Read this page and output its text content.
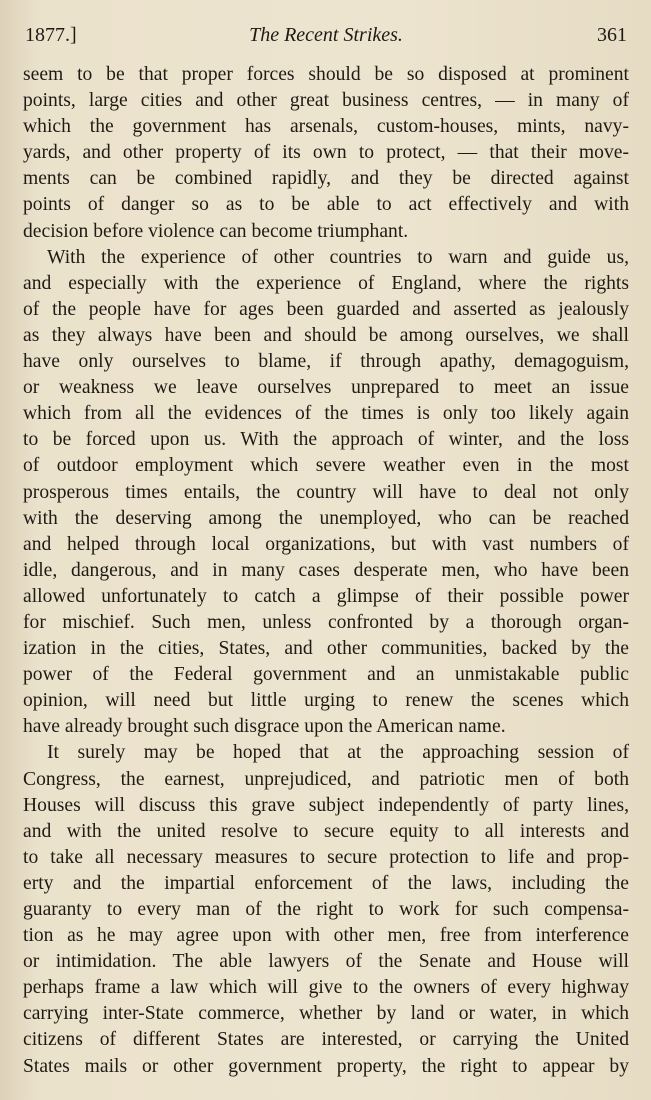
1877.]	The Recent Strikes.	361
seem to be that proper forces should be so disposed at prominent
points, large cities and other great business centres, — in many of
which the government has arsenals, custom-houses, mints, navy-
yards, and other property of its own to protect, — that their move-
ments can be combined rapidly, and they be directed against
points of danger so as to be able to act effectively and with
decision before violence can become triumphant.
With the experience of other countries to warn and guide us,
and especially with the experience of England, where the rights
of the people have for ages been guarded and asserted as jealously
as they always have been and should be among ourselves, we shall
have only ourselves to blame, if through apathy, demagoguism,
or weakness we leave ourselves unprepared to meet an issue
which from all the evidences of the times is only too likely again
to be forced upon us. With the approach of winter, and the loss
of outdoor employment which severe weather even in the most
prosperous times entails, the country will have to deal not only
with the deserving among the unemployed, who can be reached
and helped through local organizations, but with vast numbers of
idle, dangerous, and in many cases desperate men, who have been
allowed unfortunately to catch a glimpse of their possible power
for mischief. Such men, unless confronted by a thorough organ-
ization in the cities, States, and other communities, backed by the
power of the Federal government and an unmistakable public
opinion, will need but little urging to renew the scenes which
have already brought such disgrace upon the American name.
It surely may be hoped that at the approaching session of
Congress, the earnest, unprejudiced, and patriotic men of both
Houses will discuss this grave subject independently of party lines,
and with the united resolve to secure equity to all interests and
to take all necessary measures to secure protection to life and prop-
erty and the impartial enforcement of the laws, including the
guaranty to every man of the right to work for such compensa-
tion as he may agree upon with other men, free from interference
or intimidation. The able lawyers of the Senate and House will
perhaps frame a law which will give to the owners of every highway
carrying inter-State commerce, whether by land or water, in which
citizens of different States are interested, or carrying the United
States mails or other government property, the right to appear by
